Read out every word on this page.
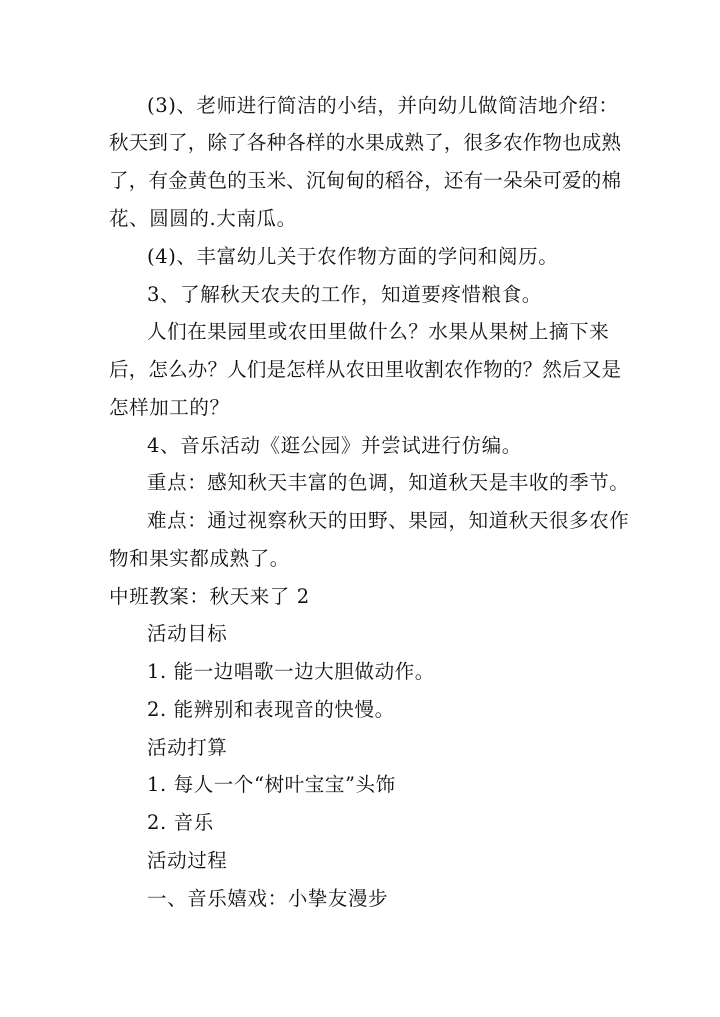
(3)、老师进行简洁的小结，并向幼儿做简洁地介绍：
秋天到了，除了各种各样的水果成熟了，很多农作物也成熟
了，有金黄色的玉米、沉甸甸的稻谷，还有一朵朵可爱的棉
花、圆圆的.大南瓜。
(4)、丰富幼儿关于农作物方面的学问和阅历。
3、了解秋天农夫的工作，知道要疼惜粮食。
人们在果园里或农田里做什么？水果从果树上摘下来
后，怎么办？人们是怎样从农田里收割农作物的？然后又是
怎样加工的？
4、音乐活动《逛公园》并尝试进行仿编。
重点：感知秋天丰富的色调，知道秋天是丰收的季节。
难点：通过视察秋天的田野、果园，知道秋天很多农作
物和果实都成熟了。
中班教案：秋天来了 2
活动目标
1. 能一边唱歌一边大胆做动作。
2. 能辨别和表现音的快慢。
活动打算
1. 每人一个“树叶宝宝”头饰
2. 音乐
活动过程
一、音乐嬉戏：小挚友漫步
